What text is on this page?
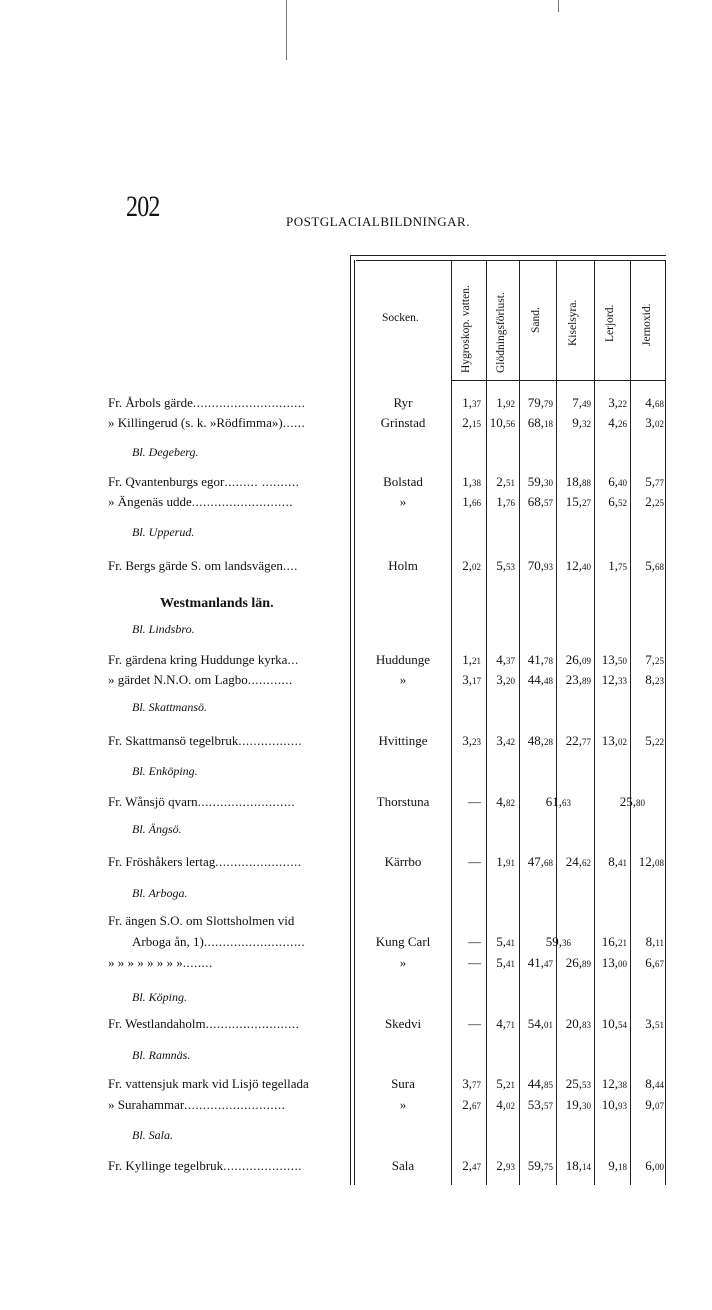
202	POSTGLACIALBILDNINGAR.
Socken.	Hygroskop. vatten. Glödningsförlust. Sand. Kiselsyra. Lerjord. Jernoxid.
Fr. Årbols gärde..............................	Ryr	1,37	1,92 79,79	7,49	3,22	4,68
» Killingerud (s. k. »Rödfimma»)......	Grinstad	2,15 10,56 68,18	9,32	4,26	3,02
Bl. Degeberg.
Fr. Qvantenburgs egor......... ..........	Bolstad	1,38	2,51 59,30 18,88	6,40	5,77
» Ängenäs udde...........................	»	1,66	1,76 68,57 15,27	6,52	2,25
Bl. Upperud.
Fr. Bergs gärde S. om landsvägen....	Holm	2,02	5,53 70,93 12,40	1,75	5,68
Westmanlands län.
Bl. Lindsbro.
Fr. gärdena kring Huddunge kyrka...	Huddunge	1,21	4,37 41,78 26,09 13,50	7,25
» gärdet N.N.O. om Lagbo............	»	3,17	3,20 44,48 23,89 12,33	8,23
Bl. Skattmansö.
Fr. Skattmansö tegelbruk.................	Hvittinge	3,23	3,42 48,28 22,77 13,02	5,22
Bl. Enköping.
Fr. Wånsjö qvarn..........................	Thorstuna	—	4,82	61,63	25,80
Bl. Ängsö.
Fr. Fröshåkers lertag.......................	Kärrbo	—	1,91 47,68 24,62	8,41 12,08
Bl. Arboga.
Fr. ängen S.O. om Slottsholmen vid
Arboga ån, 1)...........................	Kung Carl	—	5,41	59,36	16,21	8,11
» » » » » » » »........	»	—	5,41 41,47 26,89 13,00	6,67
Bl. Köping.
Fr. Westlandaholm.........................	Skedvi	—	4,71 54,01 20,83 10,54	3,51
Bl. Ramnäs.
Fr. vattensjuk mark vid Lisjö tegellada	Sura	3,77	5,21 44,85 25,53 12,38	8,44
» Surahammar...........................	»	2,67	4,02 53,57 19,30 10,93	9,07
Bl. Sala.
Fr. Kyllinge tegelbruk.....................	Sala	2,47	2,93 59,75 18,14	9,18	6,00
